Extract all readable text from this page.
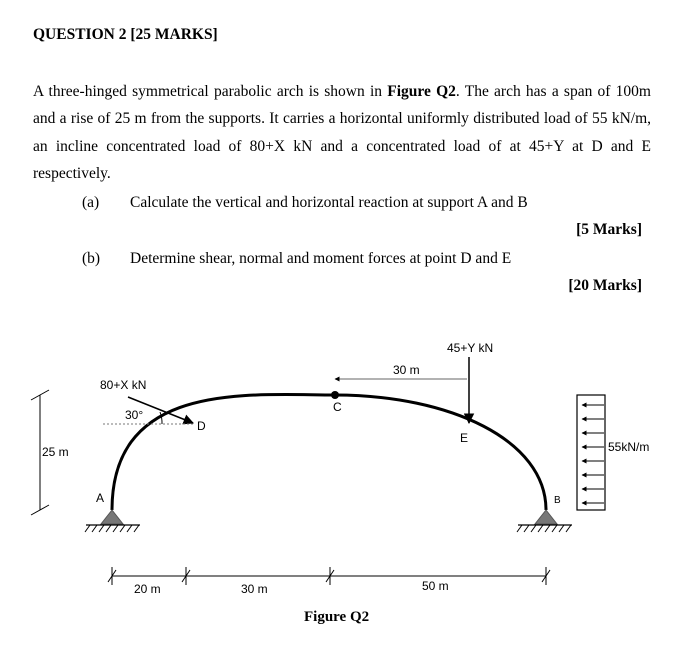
QUESTION 2 [25 MARKS]

A three-hinged symmetrical parabolic arch is shown in Figure Q2. The arch has a span of 100m and a rise of 25 m from the supports. It carries a horizontal uniformly distributed load of 55 kN/m, an incline concentrated load of 80+X kN and a concentrated load of at 45+Y at D and E respectively.

(a) Calculate the vertical and horizontal reaction at support A and B
[5 Marks]
(b) Determine shear, normal and moment forces at point D and E
[20 Marks]
A	B
C
D
E
80+X kN
30°
45+Y kN
30 m
25 m	55kN/m
20 m	30 m	50 m
Figure Q2
